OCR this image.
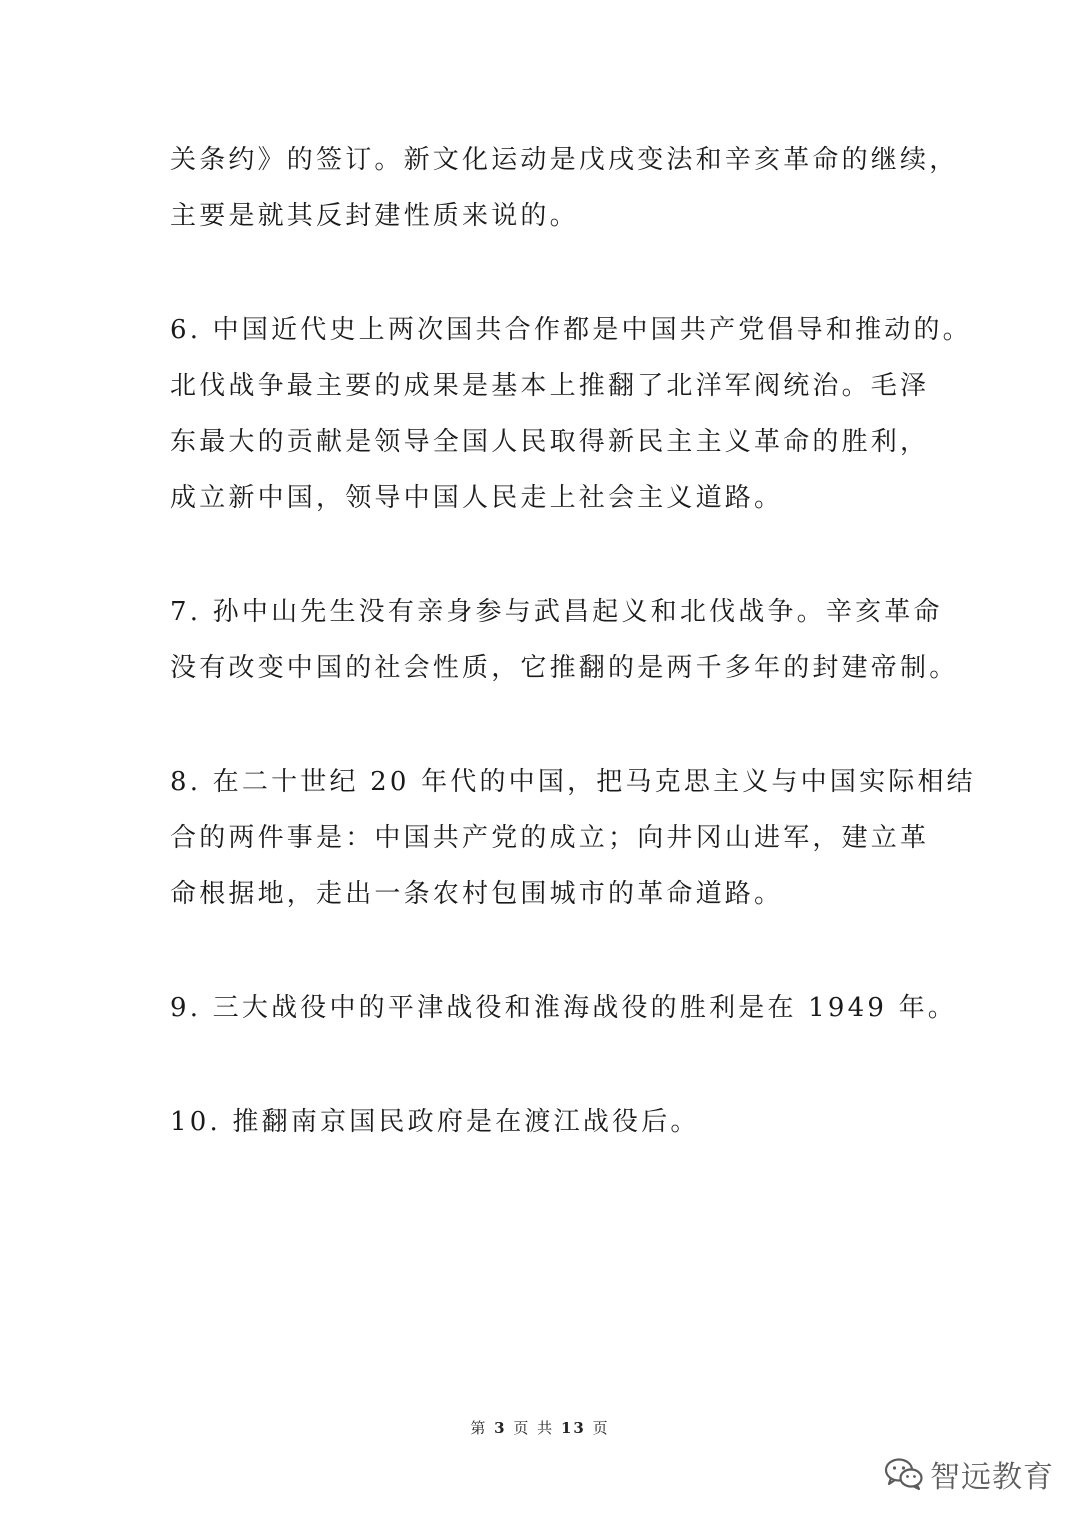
关条约》的签订。新文化运动是戊戌变法和辛亥革命的继续，
主要是就其反封建性质来说的。

6. 中国近代史上两次国共合作都是中国共产党倡导和推动的。
北伐战争最主要的成果是基本上推翻了北洋军阀统治。毛泽
东最大的贡献是领导全国人民取得新民主主义革命的胜利，
成立新中国，领导中国人民走上社会主义道路。

7. 孙中山先生没有亲身参与武昌起义和北伐战争。辛亥革命
没有改变中国的社会性质，它推翻的是两千多年的封建帝制。

8. 在二十世纪 20 年代的中国，把马克思主义与中国实际相结
合的两件事是：中国共产党的成立；向井冈山进军，建立革
命根据地，走出一条农村包围城市的革命道路。

9. 三大战役中的平津战役和淮海战役的胜利是在 1949 年。

10. 推翻南京国民政府是在渡江战役后。

第 3 页 共 13 页
智远教育
